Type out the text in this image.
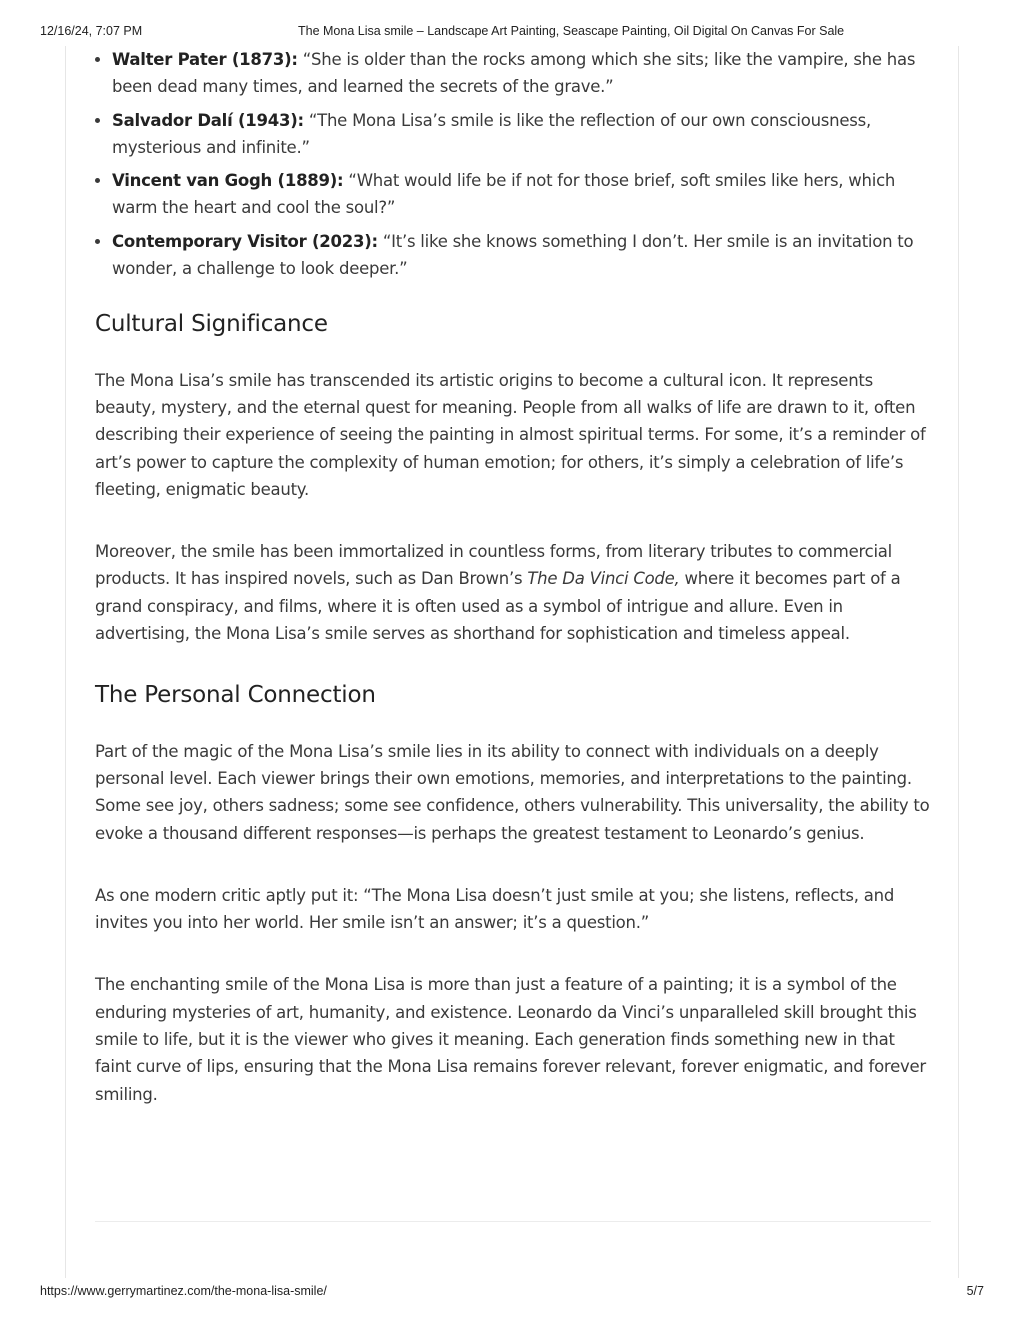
12/16/24, 7:07 PM	The Mona Lisa smile – Landscape Art Painting, Seascape Painting, Oil Digital On Canvas For Sale
• Walter Pater (1873): “She is older than the rocks among which she sits; like the vampire, she has been dead many times, and learned the secrets of the grave.”
• Salvador Dalí (1943): “The Mona Lisa’s smile is like the reflection of our own consciousness, mysterious and infinite.”
• Vincent van Gogh (1889): “What would life be if not for those brief, soft smiles like hers, which warm the heart and cool the soul?”
• Contemporary Visitor (2023): “It’s like she knows something I don’t. Her smile is an invitation to wonder, a challenge to look deeper.”
Cultural Significance

The Mona Lisa’s smile has transcended its artistic origins to become a cultural icon. It represents beauty, mystery, and the eternal quest for meaning. People from all walks of life are drawn to it, often describing their experience of seeing the painting in almost spiritual terms. For some, it’s a reminder of art’s power to capture the complexity of human emotion; for others, it’s simply a celebration of life’s fleeting, enigmatic beauty.

Moreover, the smile has been immortalized in countless forms, from literary tributes to commercial products. It has inspired novels, such as Dan Brown’s The Da Vinci Code, where it becomes part of a grand conspiracy, and films, where it is often used as a symbol of intrigue and allure. Even in advertising, the Mona Lisa’s smile serves as shorthand for sophistication and timeless appeal.

The Personal Connection

Part of the magic of the Mona Lisa’s smile lies in its ability to connect with individuals on a deeply personal level. Each viewer brings their own emotions, memories, and interpretations to the painting. Some see joy, others sadness; some see confidence, others vulnerability. This universality, the ability to evoke a thousand different responses—is perhaps the greatest testament to Leonardo’s genius.

As one modern critic aptly put it: “The Mona Lisa doesn’t just smile at you; she listens, reflects, and invites you into her world. Her smile isn’t an answer; it’s a question.”

The enchanting smile of the Mona Lisa is more than just a feature of a painting; it is a symbol of the enduring mysteries of art, humanity, and existence. Leonardo da Vinci’s unparalleled skill brought this smile to life, but it is the viewer who gives it meaning. Each generation finds something new in that faint curve of lips, ensuring that the Mona Lisa remains forever relevant, forever enigmatic, and forever smiling.

https://www.gerrymartinez.com/the-mona-lisa-smile/	5/7
